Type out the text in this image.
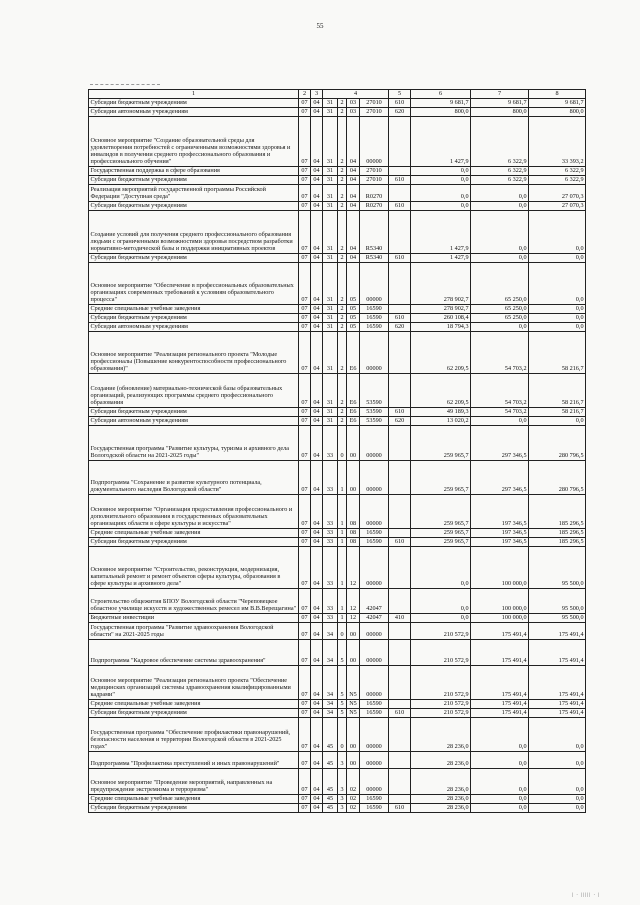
55
1	2	3	4				5	6	7	8
Субсидии бюджетным учреждениям	07	04	31	2	03	27010	610	9 681,7	9 681,7	9 681,7
Субсидии автономным учреждениям	07	04	31	2	03	27010	620	800,0	800,0	800,0
Основное мероприятие "Создание образовательной среды для удовлетворения потребностей с ограниченными возможностями здоровья и инвалидов в получении среднего профессионального образования и профессионального обучения"	07	04	31	2	04	00000		1 427,9	6 322,9	33 393,2
Государственная поддержка в сфере образования	07	04	31	2	04	27010		0,0	6 322,9	6 322,9
Субсидии бюджетным учреждениям	07	04	31	2	04	27010	610	0,0	6 322,9	6 322,9
Реализация мероприятий государственной программы Российской Федерации "Доступная среда"	07	04	31	2	04	R0270		0,0	0,0	27 070,3
Субсидии бюджетным учреждениям	07	04	31	2	04	R0270	610	0,0	0,0	27 070,3
Создание условий для получения среднего профессионального образования людьми с ограниченными возможностями здоровья посредством разработки нормативно-методической базы и поддержки инициативных проектов	07	04	31	2	04	R5340		1 427,9	0,0	0,0
Субсидии бюджетным учреждениям	07	04	31	2	04	R5340	610	1 427,9	0,0	0,0
Основное мероприятие "Обеспечение в профессиональных образовательных организациях современных требований к условиям образовательного процесса"	07	04	31	2	05	00000		278 902,7	65 250,0	0,0
Средние специальные учебные заведения	07	04	31	2	05	16590		278 902,7	65 250,0	0,0
Субсидии бюджетным учреждениям	07	04	31	2	05	16590	610	260 108,4	65 250,0	0,0
Субсидии автономным учреждениям	07	04	31	2	05	16590	620	18 794,3	0,0	0,0
Основное мероприятие "Реализация регионального проекта "Молодые профессионалы (Повышение конкурентоспособности профессионального образования)"	07	04	31	2	E6	00000		62 209,5	54 703,2	58 216,7
Создание (обновление) материально-технической базы образовательных организаций, реализующих программы среднего профессионального образования	07	04	31	2	E6	53590		62 209,5	54 703,2	58 216,7
Субсидии бюджетным учреждениям	07	04	31	2	E6	53590	610	49 189,3	54 703,2	58 216,7
Субсидии автономным учреждениям	07	04	31	2	E6	53590	620	13 020,2	0,0	0,0
Государственная программа "Развитие культуры, туризма и архивного дела Вологодской области на 2021-2025 годы"	07	04	33	0	00	00000		259 965,7	297 346,5	280 796,5
Подпрограмма "Сохранение и развитие культурного потенциала, документального наследия Вологодской области"	07	04	33	1	00	00000		259 965,7	297 346,5	280 796,5
Основное мероприятие "Организация предоставления профессионального и дополнительного образования в государственных образовательных организациях области в сфере культуры и искусства"	07	04	33	1	08	00000		259 965,7	197 346,5	185 296,5
Средние специальные учебные заведения	07	04	33	1	08	16590		259 965,7	197 346,5	185 296,5
Субсидии бюджетным учреждениям	07	04	33	1	08	16590	610	259 965,7	197 346,5	185 296,5
Основное мероприятие "Строительство, реконструкция, модернизация, капитальный ремонт и ремонт объектов сферы культуры, образования в сфере культуры и архивного дела"	07	04	33	1	12	00000		0,0	100 000,0	95 500,0
Строительство общежития БПОУ Вологодской области "Череповецкое областное училище искусств и художественных ремесел им В.В.Верещагина"	07	04	33	1	12	42047		0,0	100 000,0	95 500,0
Бюджетные инвестиции	07	04	33	1	12	42047	410	0,0	100 000,0	95 500,0
Государственная программа "Развитие здравоохранения Вологодской области" на 2021-2025 годы	07	04	34	0	00	00000		210 572,9	175 491,4	175 491,4
Подпрограмма "Кадровое обеспечение системы здравоохранения"	07	04	34	5	00	00000		210 572,9	175 491,4	175 491,4
Основное мероприятие "Реализация регионального проекта "Обеспечение медицинских организаций системы здравоохранения квалифицированными кадрами"	07	04	34	5	N5	00000		210 572,9	175 491,4	175 491,4
Средние специальные учебные заведения	07	04	34	5	N5	16590		210 572,9	175 491,4	175 491,4
Субсидии бюджетным учреждениям	07	04	34	5	N5	16590	610	210 572,9	175 491,4	175 491,4
Государственная программа "Обеспечение профилактики правонарушений, безопасности населения и территории Вологодской области в 2021-2025 годах"	07	04	45	0	00	00000		28 236,0	0,0	0,0
Подпрограмма "Профилактика преступлений и иных правонарушений"	07	04	45	3	00	00000		28 236,0	0,0	0,0
Основное мероприятие "Проведение мероприятий, направленных на предупреждение экстремизма и терроризма"	07	04	45	3	02	00000		28 236,0	0,0	0,0
Средние специальные учебные заведения	07	04	45	3	02	16590		28 236,0	0,0	0,0
Субсидии бюджетным учреждениям	07	04	45	3	02	16590	610	28 236,0	0,0	0,0
| · ||||| · |
